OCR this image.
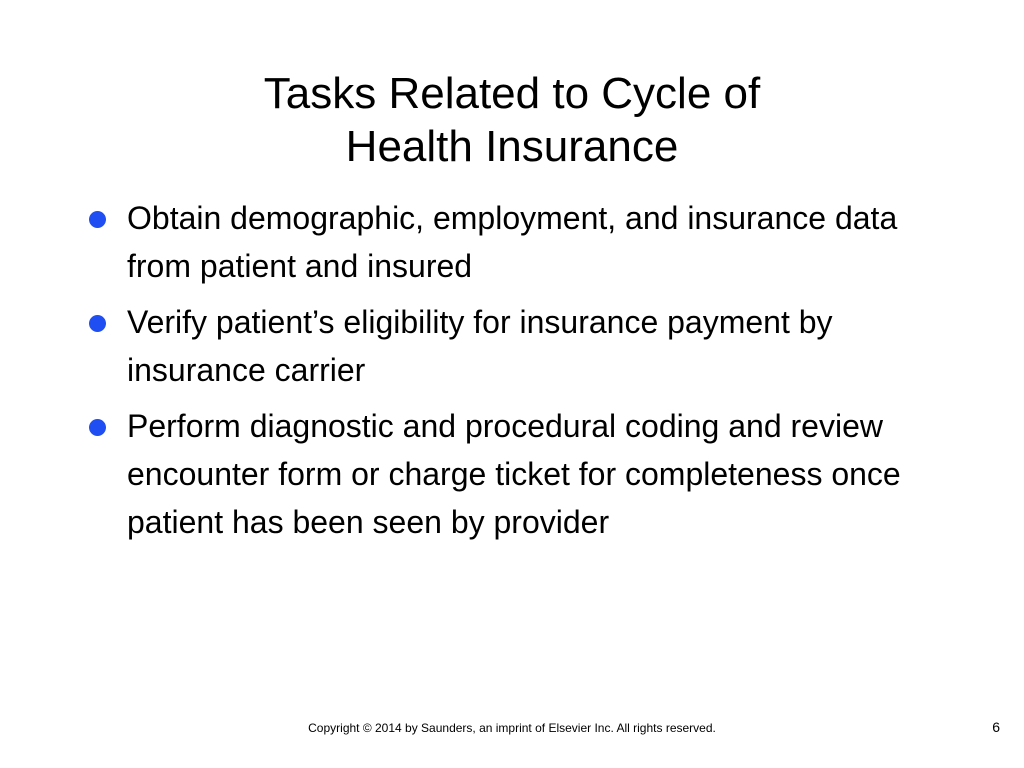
Tasks Related to Cycle of
Health Insurance
Obtain demographic, employment, and insurance data from patient and insured
Verify patient’s eligibility for insurance payment by insurance carrier
Perform diagnostic and procedural coding and review encounter form or charge ticket for completeness once patient has been seen by provider
Copyright © 2014 by Saunders, an imprint of Elsevier Inc. All rights reserved.	6
